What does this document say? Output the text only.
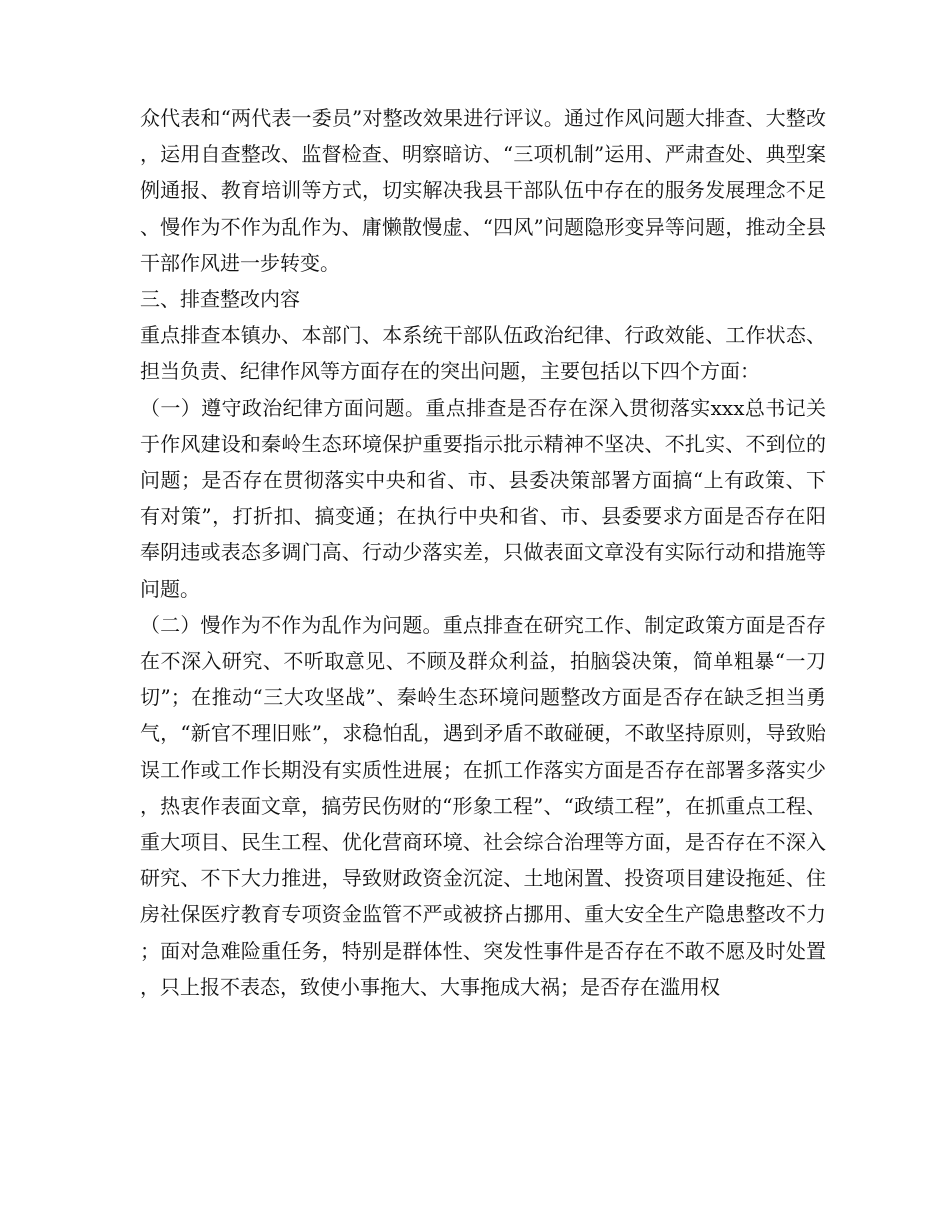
众代表和“两代表一委员”对整改效果进行评议。通过作风问题大排查、大整改，运用自查整改、监督检查、明察暗访、“三项机制”运用、严肃查处、典型案例通报、教育培训等方式，切实解决我县干部队伍中存在的服务发展理念不足、慢作为不作为乱作为、庸懒散慢虚、“四风”问题隐形变异等问题，推动全县干部作风进一步转变。

三、排查整改内容

重点排查本镇办、本部门、本系统干部队伍政治纪律、行政效能、工作状态、担当负责、纪律作风等方面存在的突出问题，主要包括以下四个方面：

（一）遵守政治纪律方面问题。重点排查是否存在深入贯彻落实xxx总书记关于作风建设和秦岭生态环境保护重要指示批示精神不坚决、不扎实、不到位的问题；是否存在贯彻落实中央和省、市、县委决策部署方面搞“上有政策、下有对策”，打折扣、搞变通；在执行中央和省、市、县委要求方面是否存在阳奉阴违或表态多调门高、行动少落实差，只做表面文章没有实际行动和措施等问题。

（二）慢作为不作为乱作为问题。重点排查在研究工作、制定政策方面是否存在不深入研究、不听取意见、不顾及群众利益，拍脑袋决策，简单粗暴“一刀切”；在推动“三大攻坚战”、秦岭生态环境问题整改方面是否存在缺乏担当勇气，“新官不理旧账”，求稳怕乱，遇到矛盾不敢碰硬，不敢坚持原则，导致贻误工作或工作长期没有实质性进展；在抓工作落实方面是否存在部署多落实少，热衷作表面文章，搞劳民伤财的“形象工程”、“政绩工程”，在抓重点工程、重大项目、民生工程、优化营商环境、社会综合治理等方面，是否存在不深入研究、不下大力推进，导致财政资金沉淀、土地闲置、投资项目建设拖延、住房社保医疗教育专项资金监管不严或被挤占挪用、重大安全生产隐患整改不力；面对急难险重任务，特别是群体性、突发性事件是否存在不敢不愿及时处置，只上报不表态，致使小事拖大、大事拖成大祸；是否存在滥用权
